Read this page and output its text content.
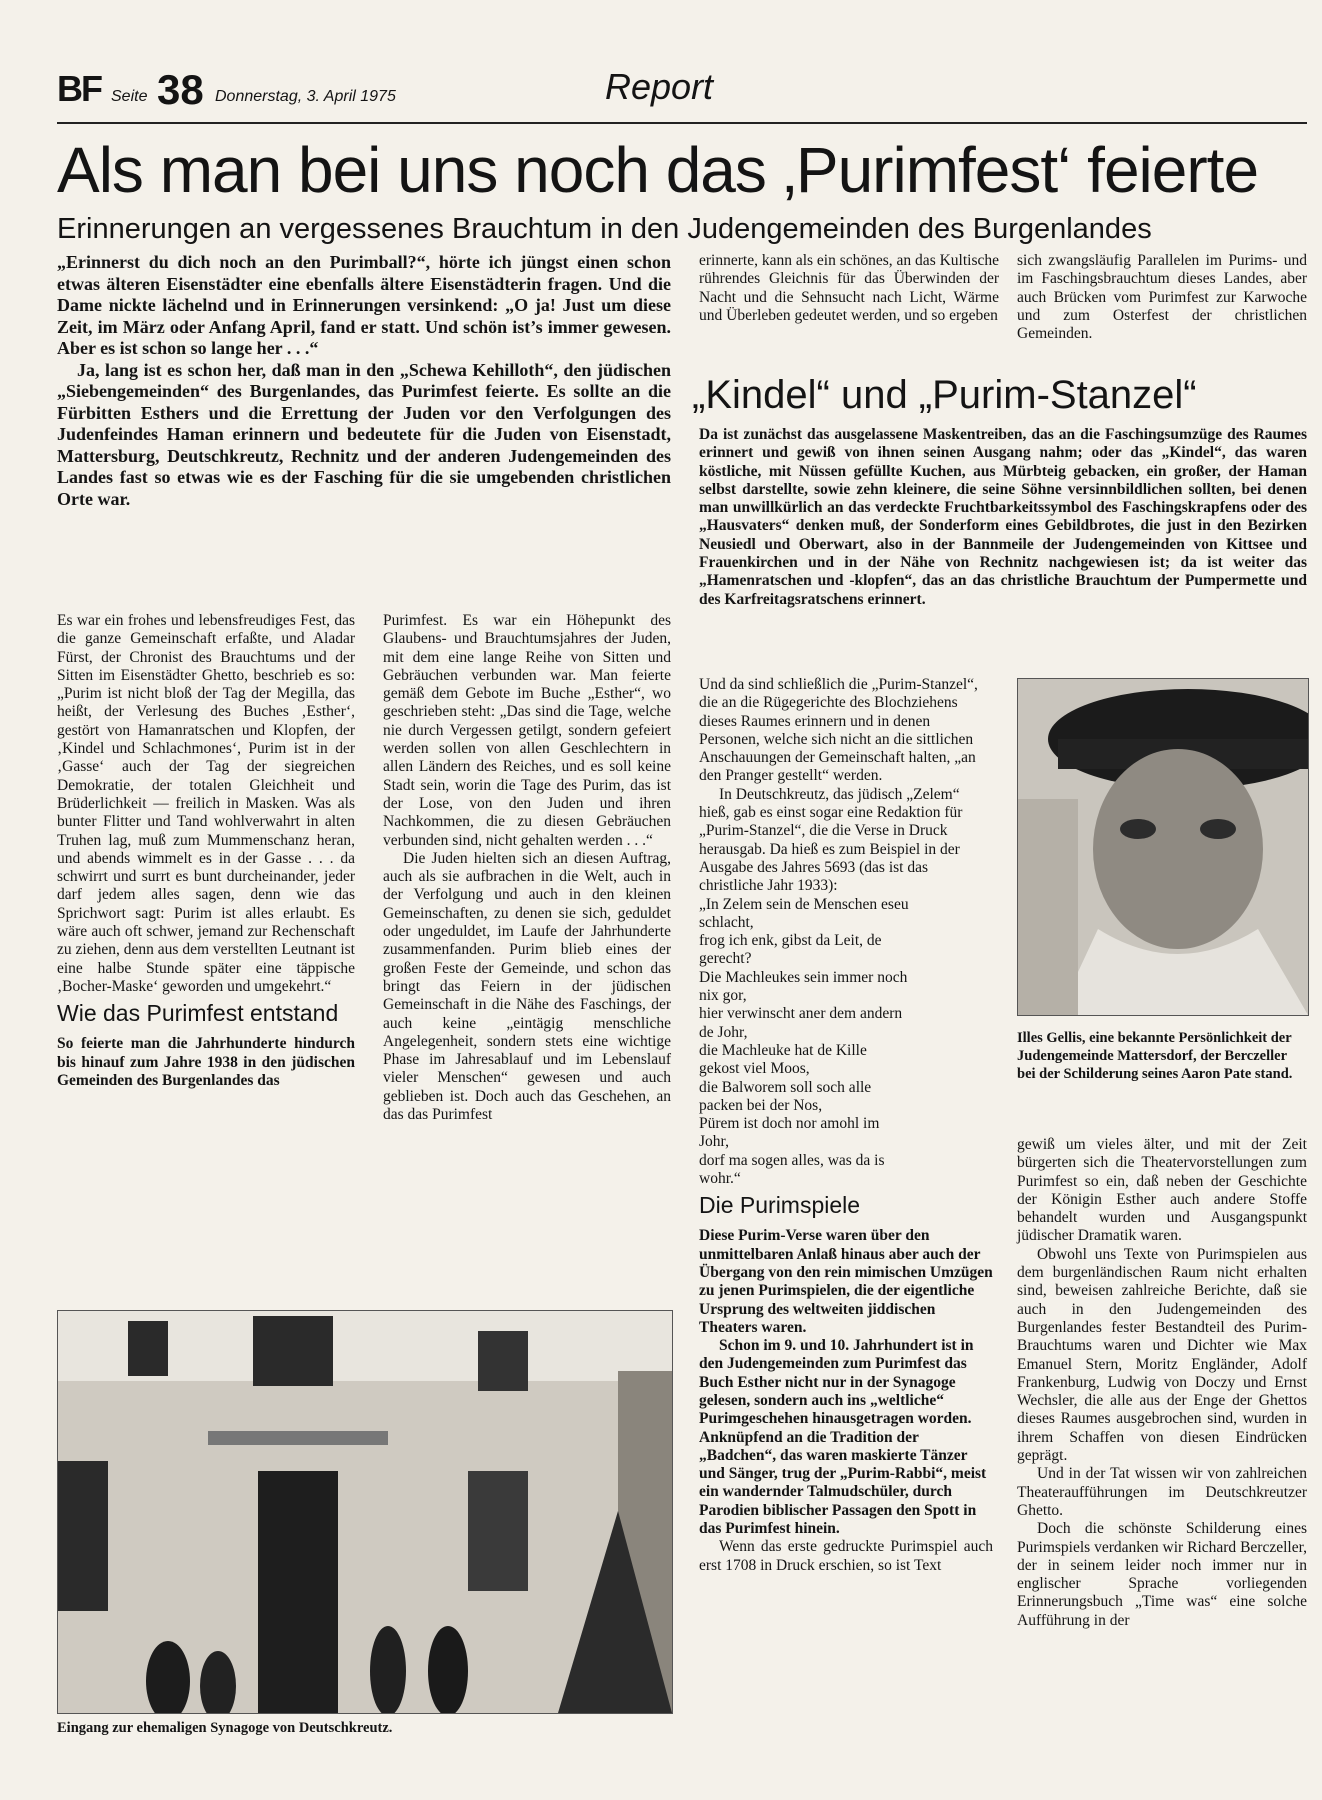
BF Seite 38 Donnerstag, 3. April 1975	Report
Als man bei uns noch das ‚Purimfest‘ feierte
Erinnerungen an vergessenes Brauchtum in den Judengemeinden des Burgenlandes

„Erinnerst du dich noch an den Purimball?“, hörte ich jüngst einen schon etwas älteren Eisenstädter eine ebenfalls ältere Eisenstädterin fragen. Und die Dame nickte lächelnd und in Erinnerungen versinkend: „O ja! Just um diese Zeit, im März oder Anfang April, fand er statt. Und schön ist’s immer gewesen. Aber es ist schon so lange her . . .“

Ja, lang ist es schon her, daß man in den „Schewa Kehilloth“, den jüdischen „Siebengemeinden“ des Burgenlandes, das Purimfest feierte. Es sollte an die Fürbitten Esthers und die Errettung der Juden vor den Verfolgungen des Judenfeindes Haman erinnern und bedeutete für die Juden von Eisenstadt, Mattersburg, Deutschkreutz, Rechnitz und der anderen Judengemeinden des Landes fast so etwas wie es der Fasching für die sie umgebenden christlichen Orte war.

Es war ein frohes und lebensfreudiges Fest, das die ganze Gemeinschaft erfaßte, und Aladar Fürst, der Chronist des Brauchtums und der Sitten im Eisenstädter Ghetto, beschrieb es so: „Purim ist nicht bloß der Tag der Megilla, das heißt, der Verlesung des Buches ‚Esther‘, gestört von Hamanratschen und Klopfen, der ‚Kindel und Schlachmones‘, Purim ist in der ‚Gasse‘ auch der Tag der siegreichen Demokratie, der totalen Gleichheit und Brüderlichkeit — freilich in Masken. Was als bunter Flitter und Tand wohlverwahrt in alten Truhen lag, muß zum Mummenschanz heran, und abends wimmelt es in der Gasse . . . da schwirrt und surrt es bunt durcheinander, jeder darf jedem alles sagen, denn wie das Sprichwort sagt: Purim ist alles erlaubt. Es wäre auch oft schwer, jemand zur Rechenschaft zu ziehen, denn aus dem verstellten Leutnant ist eine halbe Stunde später eine täppische ‚Bocher-Maske‘ geworden und umgekehrt.“

Wie das Purimfest entstand

So feierte man die Jahrhunderte hindurch bis hinauf zum Jahre 1938 in den jüdischen Gemeinden des Burgenlandes das

Purimfest. Es war ein Höhepunkt des Glaubens- und Brauchtumsjahres der Juden, mit dem eine lange Reihe von Sitten und Gebräuchen verbunden war. Man feierte gemäß dem Gebote im Buche „Esther“, wo geschrieben steht: „Das sind die Tage, welche nie durch Vergessen getilgt, sondern gefeiert werden sollen von allen Geschlechtern in allen Ländern des Reiches, und es soll keine Stadt sein, worin die Tage des Purim, das ist der Lose, von den Juden und ihren Nachkommen, die zu diesen Gebräuchen verbunden sind, nicht gehalten werden . . .“

Die Juden hielten sich an diesen Auftrag, auch als sie aufbrachen in die Welt, auch in der Verfolgung und auch in den kleinen Gemeinschaften, zu denen sie sich, geduldet oder ungeduldet, im Laufe der Jahrhunderte zusammenfanden. Purim blieb eines der großen Feste der Gemeinde, und schon das bringt das Feiern in der jüdischen Gemeinschaft in die Nähe des Faschings, der auch keine „eintägig menschliche Angelegenheit, sondern stets eine wichtige Phase im Jahresablauf und im Lebenslauf vieler Menschen“ gewesen und auch geblieben ist. Doch auch das Geschehen, an das das Purimfest

Eingang zur ehemaligen Synagoge von Deutschkreutz.

erinnerte, kann als ein schönes, an das Kultische rührendes Gleichnis für das Überwinden der Nacht und die Sehnsucht nach Licht, Wärme und Überleben gedeutet werden, und so ergeben

sich zwangsläufig Parallelen im Purims- und im Faschingsbrauchtum dieses Landes, aber auch Brücken vom Purimfest zur Karwoche und zum Osterfest der christlichen Gemeinden.

„Kindel“ und „Purim-Stanzel“

Da ist zunächst das ausgelassene Maskentreiben, das an die Faschingsumzüge des Raumes erinnert und gewiß von ihnen seinen Ausgang nahm; oder das „Kindel“, das waren köstliche, mit Nüssen gefüllte Kuchen, aus Mürbteig gebacken, ein großer, der Haman selbst darstellte, sowie zehn kleinere, die seine Söhne versinnbildlichen sollten, bei denen man unwillkürlich an das verdeckte Fruchtbarkeitssymbol des Faschingskrapfens oder des „Hausvaters“ denken muß, der Sonderform eines Gebildbrotes, die just in den Bezirken Neusiedl und Oberwart, also in der Bannmeile der Judengemeinden von Kittsee und Frauenkirchen und in der Nähe von Rechnitz nachgewiesen ist; da ist weiter das „Hamenratschen und -klopfen“, das an das christliche Brauchtum der Pumpermette und des Karfreitagsratschens erinnert.

Und da sind schließlich die „Purim-Stanzel“, die an die Rügegerichte des Blochziehens dieses Raumes erinnern und in denen Personen, welche sich nicht an die sittlichen Anschauungen der Gemeinschaft halten, „an den Pranger gestellt“ werden.

In Deutschkreutz, das jüdisch „Zelem“ hieß, gab es einst sogar eine Redaktion für „Purim-Stanzel“, die die Verse in Druck herausgab. Da hieß es zum Beispiel in der Ausgabe des Jahres 5693 (das ist das christliche Jahr 1933):

„In Zelem sein de Menschen eseu
schlacht,
frog ich enk, gibst da Leit, de
gerecht?
Die Machleukes sein immer noch
nix gor,
hier verwinscht aner dem andern
de Johr,
die Machleuke hat de Kille
gekost viel Moos,
die Balworem soll soch alle
packen bei der Nos,
Pürem ist doch nor amohl im
Johr,
dorf ma sogen alles, was da is
wohr.“
Die Purimspiele

Diese Purim-Verse waren über den unmittelbaren Anlaß hinaus aber auch der Übergang von den rein mimischen Umzügen zu jenen Purimspielen, die der eigentliche Ursprung des weltweiten jiddischen Theaters waren.

Schon im 9. und 10. Jahrhundert ist in den Judengemeinden zum Purimfest das Buch Esther nicht nur in der Synagoge gelesen, sondern auch ins „weltliche“ Purimgeschehen hinausgetragen worden. Anknüpfend an die Tradition der „Badchen“, das waren maskierte Tänzer und Sänger, trug der „Purim-Rabbi“, meist ein wandernder Talmudschüler, durch Parodien biblischer Passagen den Spott in das Purimfest hinein.

Wenn das erste gedruckte Purimspiel auch erst 1708 in Druck erschien, so ist Text

Illes Gellis, eine bekannte Persönlichkeit der Judengemeinde Mattersdorf, der Berczeller bei der Schilderung seines Aaron Pate stand.

gewiß um vieles älter, und mit der Zeit bürgerten sich die Theatervorstellungen zum Purimfest so ein, daß neben der Geschichte der Königin Esther auch andere Stoffe behandelt wurden und Ausgangspunkt jüdischer Dramatik waren.

Obwohl uns Texte von Purimspielen aus dem burgenländischen Raum nicht erhalten sind, beweisen zahlreiche Berichte, daß sie auch in den Judengemeinden des Burgenlandes fester Bestandteil des Purim-Brauchtums waren und Dichter wie Max Emanuel Stern, Moritz Engländer, Adolf Frankenburg, Ludwig von Doczy und Ernst Wechsler, die alle aus der Enge der Ghettos dieses Raumes ausgebrochen sind, wurden in ihrem Schaffen von diesen Eindrücken geprägt.

Und in der Tat wissen wir von zahlreichen Theateraufführungen im Deutschkreutzer Ghetto.

Doch die schönste Schilderung eines Purimspiels verdanken wir Richard Berczeller, der in seinem leider noch immer nur in englischer Sprache vorliegenden Erinnerungsbuch „Time was“ eine solche Aufführung in der
